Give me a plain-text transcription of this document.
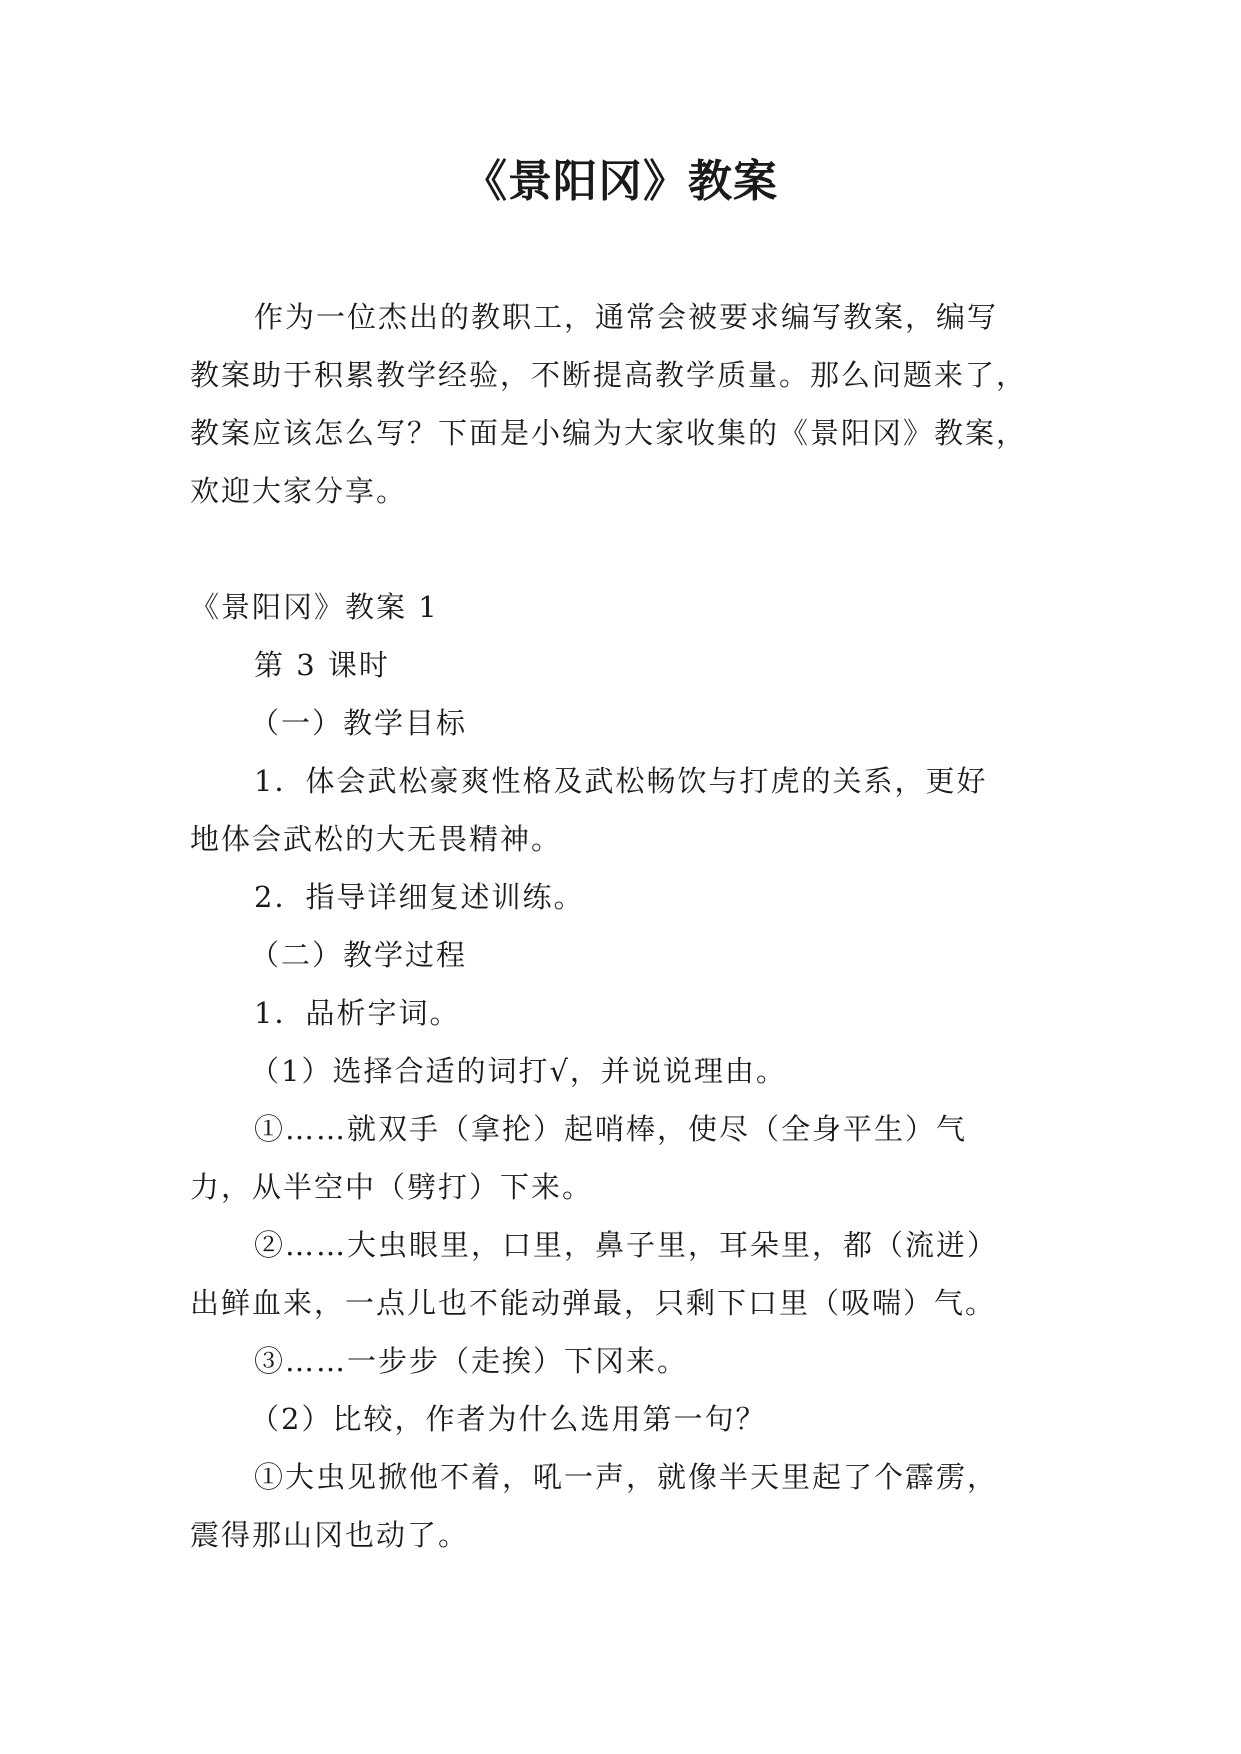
《景阳冈》教案

作为一位杰出的教职工，通常会被要求编写教案，编写

教案助于积累教学经验，不断提高教学质量。那么问题来了，

教案应该怎么写？下面是小编为大家收集的《景阳冈》教案，

欢迎大家分享。

《景阳冈》教案 1

第 3 课时

（一）教学目标

1．体会武松豪爽性格及武松畅饮与打虎的关系，更好

地体会武松的大无畏精神。

2．指导详细复述训练。

（二）教学过程

1．品析字词。

（1）选择合适的词打√，并说说理由。

①……就双手（拿抡）起哨棒，使尽（全身平生）气

力，从半空中（劈打）下来。

②……大虫眼里，口里，鼻子里，耳朵里，都（流迸）

出鲜血来，一点儿也不能动弹最，只剩下口里（吸喘）气。

③……一步步（走挨）下冈来。

（2）比较，作者为什么选用第一句？

①大虫见掀他不着，吼一声，就像半天里起了个霹雳，

震得那山冈也动了。
